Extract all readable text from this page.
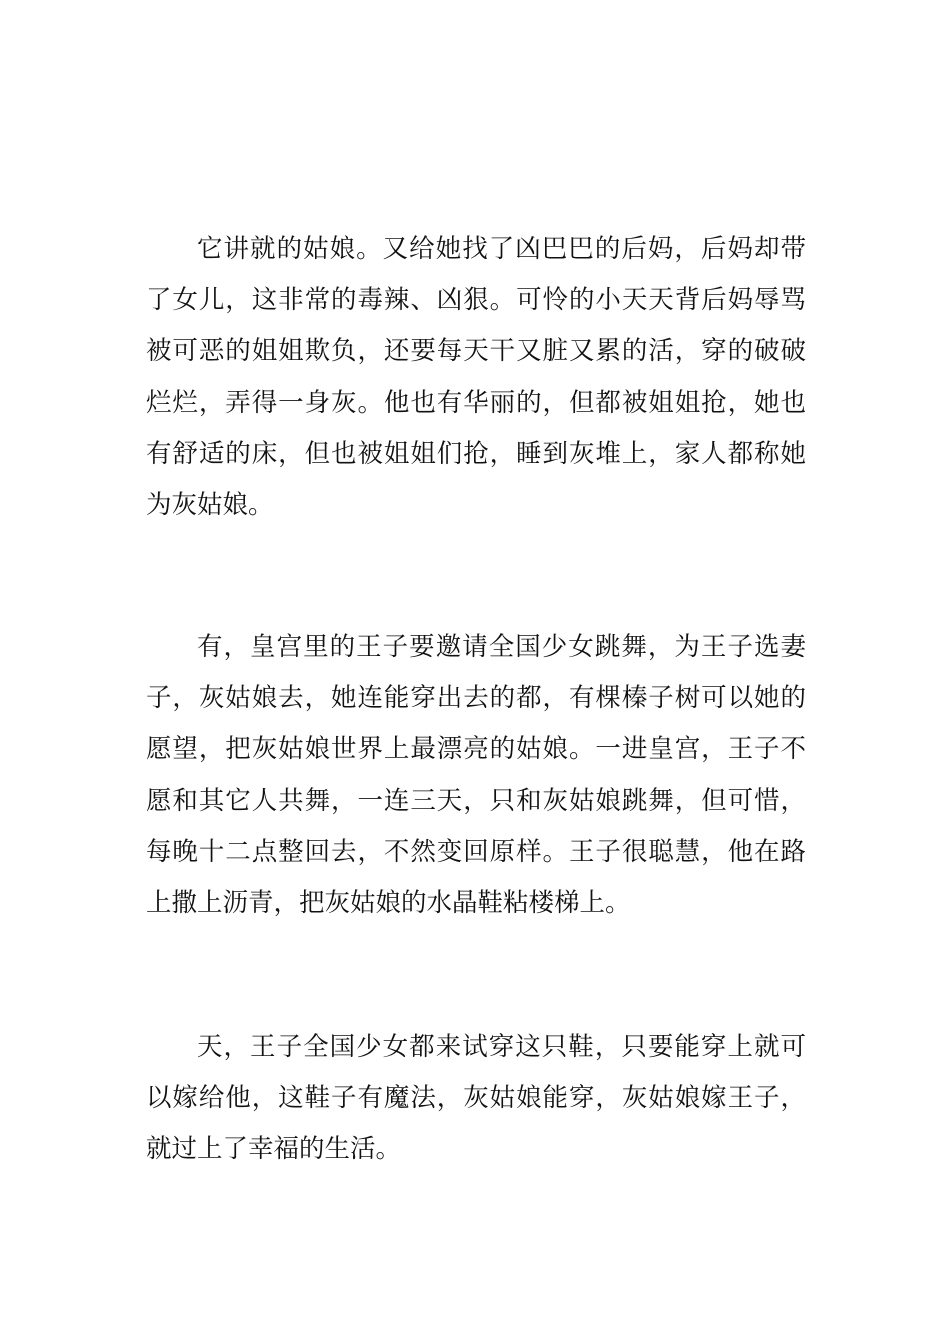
它讲就的姑娘。又给她找了凶巴巴的后妈，后妈却带了女儿，这非常的毒辣、凶狠。可怜的小天天背后妈辱骂被可恶的姐姐欺负，还要每天干又脏又累的活，穿的破破烂烂，弄得一身灰。他也有华丽的，但都被姐姐抢，她也有舒适的床，但也被姐姐们抢，睡到灰堆上，家人都称她为灰姑娘。

有，皇宫里的王子要邀请全国少女跳舞，为王子选妻子，灰姑娘去，她连能穿出去的都，有棵榛子树可以她的愿望，把灰姑娘世界上最漂亮的姑娘。一进皇宫，王子不愿和其它人共舞，一连三天，只和灰姑娘跳舞，但可惜，每晚十二点整回去，不然变回原样。王子很聪慧，他在路上撒上沥青，把灰姑娘的水晶鞋粘楼梯上。

天，王子全国少女都来试穿这只鞋，只要能穿上就可以嫁给他，这鞋子有魔法，灰姑娘能穿，灰姑娘嫁王子，就过上了幸福的生活。
